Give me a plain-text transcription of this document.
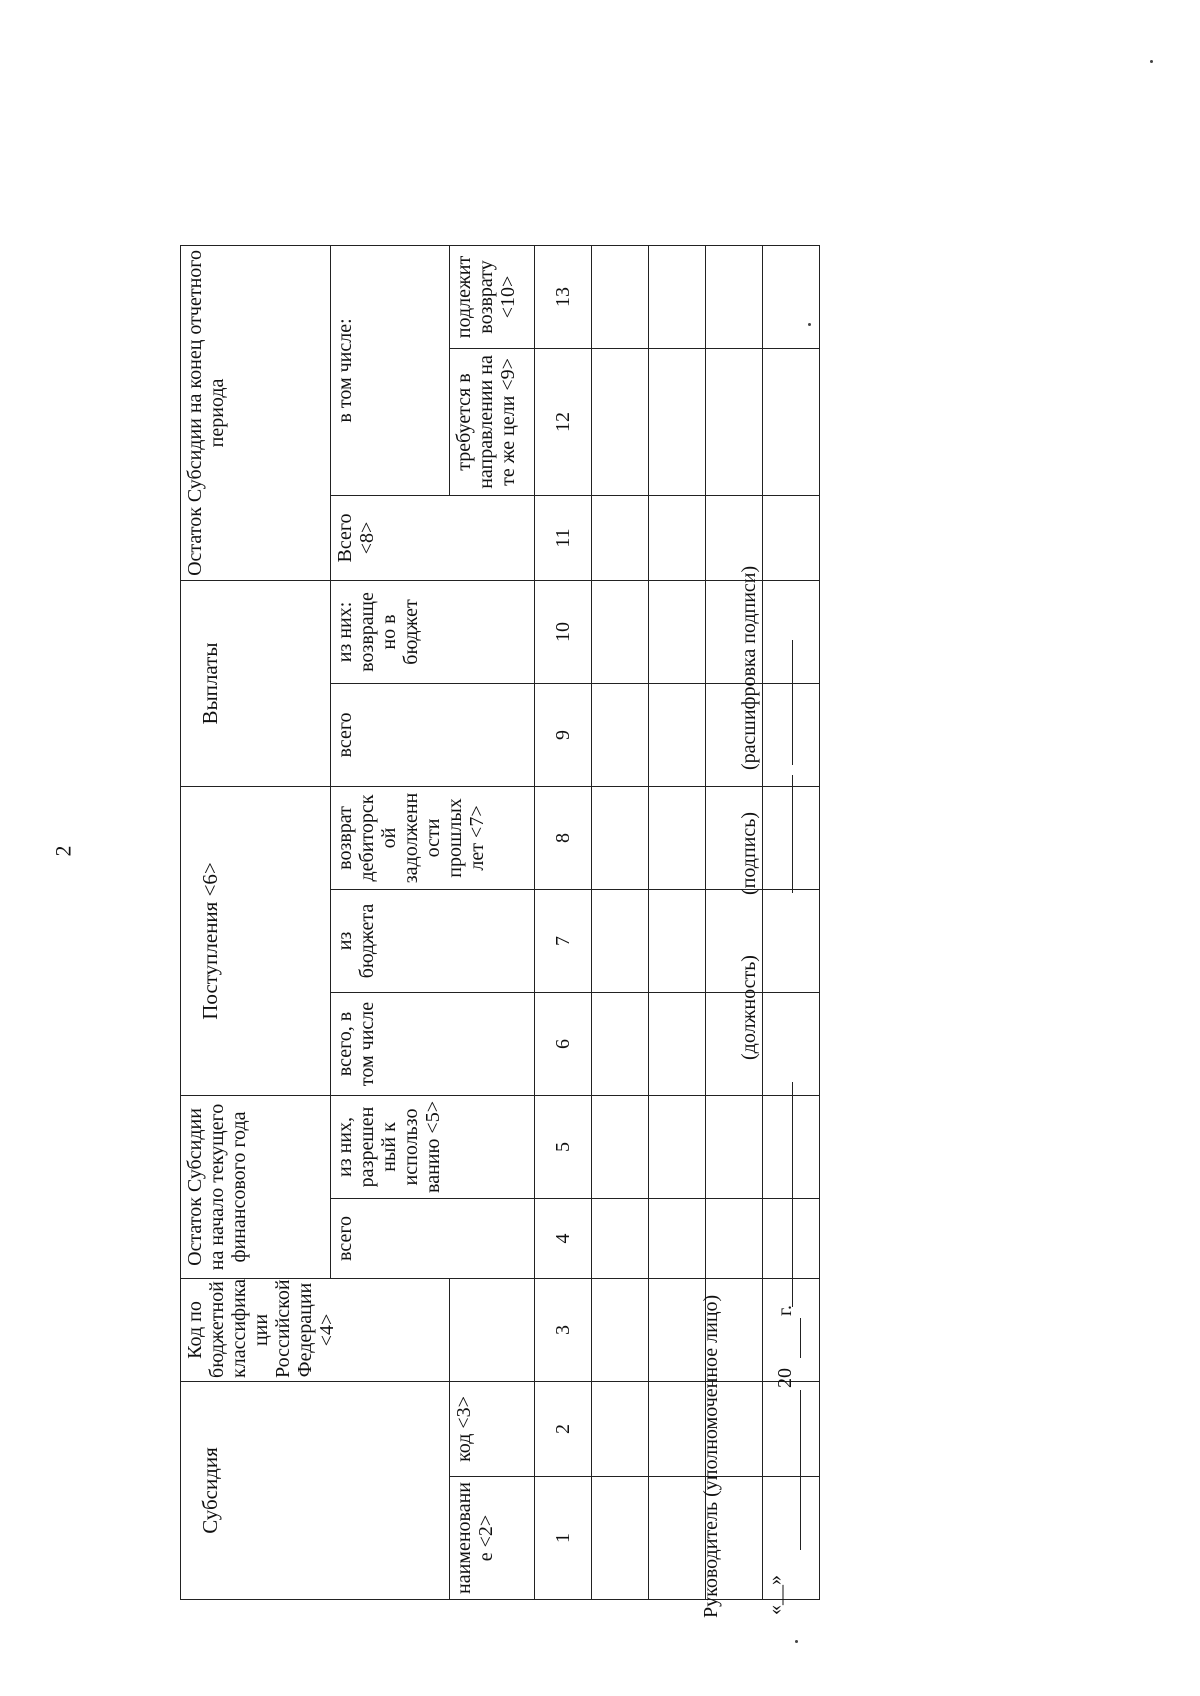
2
Субсидия		Код по бюджетной классифика ции Российской Федерации <4>	Остаток Субсидии на начало текущего финансового года		Поступления <6>			Выплаты		Остаток Субсидии на конец отчетного периода			
			всего	из них, разрешен ный к использо ванию <5>	всего, в том числе	из бюджета	возврат дебиторск ой задолженн ости прошлых лет <7>	всего	из них: возвраще но в бюджет	Всего <8>	в том числе:		
наименовани е <2>	код <3>										требуется в направлении на те же цели <9>	подлежит возврату <10>	
1	2	3	4	5	6	7	8	9	10	11	12	13	

Руководитель (уполномоченное лицо)
(должность)
(подпись)
(расшифровка подписи)
«__»
20
г.
